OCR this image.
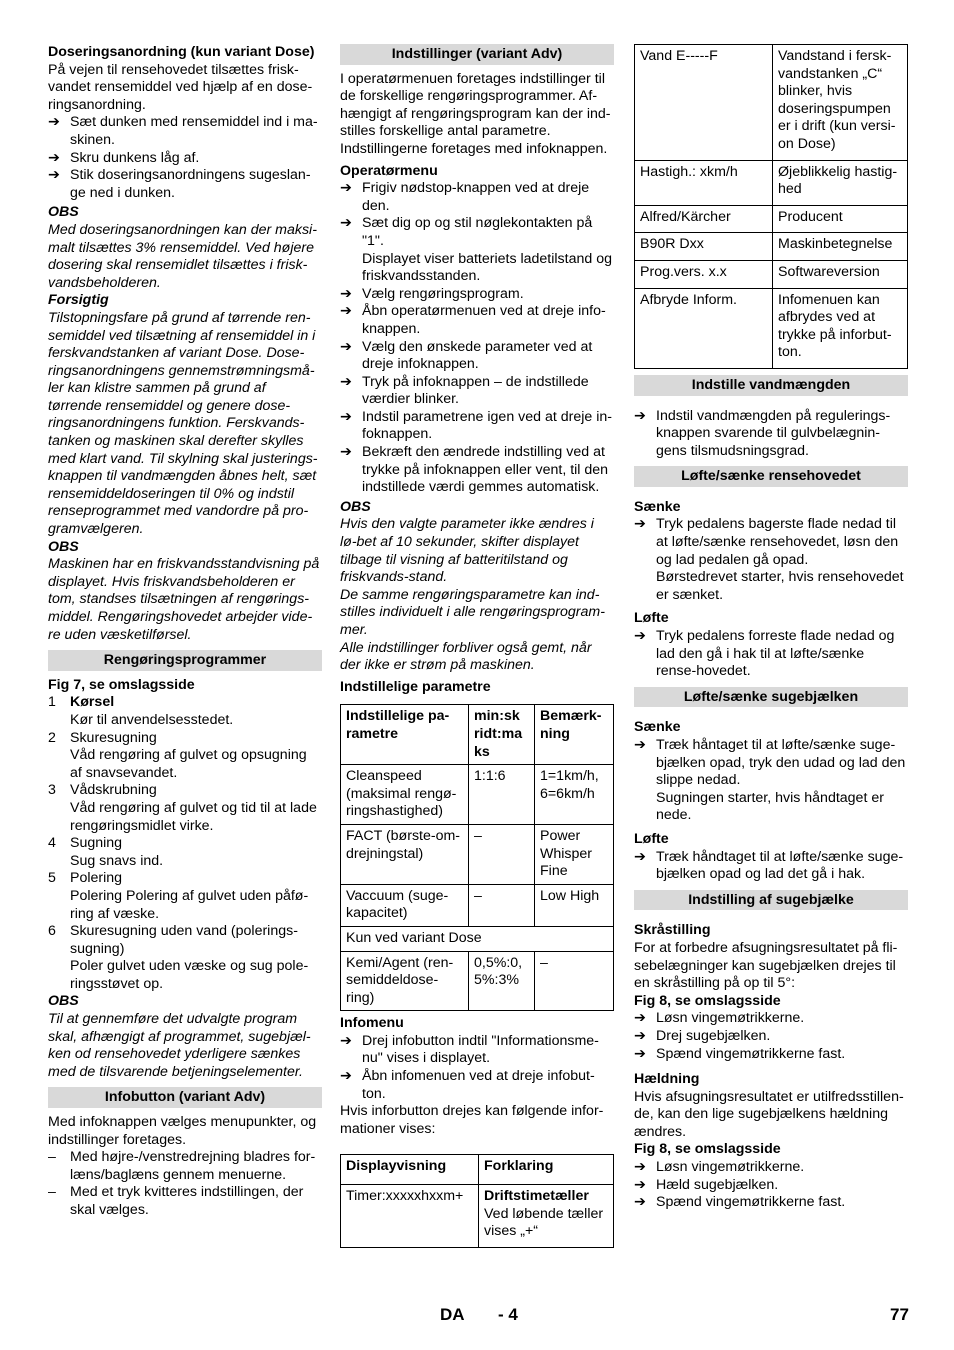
Doseringsanordning (kun variant Dose)

På vejen til rensehovedet tilsættes frisk-vandet rensemiddel ved hjælp af en dose-ringsanordning.

➔ Sæt dunken med rensemiddel ind i ma-skinen.
➔ Skru dunkens låg af.
➔ Stik doseringsanordningens sugeslan-ge ned i dunken.

OBS

Med doseringsanordningen kan der maksi-malt tilsættes 3% rensemiddel. Ved højere dosering skal rensemidlet tilsættes i frisk-vandsbeholderen.

Forsigtig

Tilstopningsfare på grund af tørrende ren-semiddel ved tilsætning af rensemiddel in i ferskvandstanken af variant Dose. Dose-ringsanordningens gennemstrømningsmå-ler kan klistre sammen på grund af tørrende rensemiddel og genere dose-ringsanordningens funktion. Ferskvands-tanken og maskinen skal derefter skylles med klart vand. Til skylning skal justerings-knappen til vandmængden åbnes helt, sæt rensemiddeldoseringen til 0% og indstil renseprogrammet med vandordre på pro-gramvælgeren.

OBS

Maskinen har en friskvandsstandvisning på displayet. Hvis friskvandsbeholderen er tom, standses tilsætningen af rengørings-middel. Rengøringshovedet arbejder vide-re uden væsketilførsel.

Rengøringsprogrammer

Fig 7, se omslagsside

1 Kørsel

Kør til anvendelsesstedet.

2 Skuresugning

Våd rengøring af gulvet og opsugning af snavsevandet.

3 Vådskrubning

Våd rengøring af gulvet og tid til at lade rengøringsmidlet virke.

4 Sugning

Sug snavs ind.

5 Polering

Polering Polering af gulvet uden påfø-ring af væske.

6 Skuresugning uden vand (polerings-sugning)

Poler gulvet uden væske og sug pole-ringsstøvet op.

OBS

Til at gennemføre det udvalgte program skal, afhængigt af programmet, sugebjæl-ken od rensehovedet yderligere sænkes med de tilsvarende betjeningselementer.

Infobutton (variant Adv)

Med infoknappen vælges menupunkter, og indstillinger foretages.

– Med højre-/venstredrejning bladres for-læns/baglæns gennem menuerne.
– Med et tryk kvitteres indstillingen, der skal vælges.
Indstillinger (variant Adv)

I operatørmenuen foretages indstillinger til de forskellige rengøringsprogrammer. Af-hængigt af rengøringsprogram kan der ind-stilles forskellige antal parametre. Indstillingerne foretages med infoknappen.

Operatørmenu

➔ Frigiv nødstop-knappen ved at dreje den.
➔ Sæt dig op og stil nøglekontakten på "1".

Displayet viser batteriets ladetilstand og friskvandsstanden.

➔ Vælg rengøringsprogram.
➔ Åbn operatørmenuen ved at dreje info-knappen.
➔ Vælg den ønskede parameter ved at dreje infoknappen.
➔ Tryk på infoknappen – de indstillede værdier blinker.
➔ Indstil parametrene igen ved at dreje in-foknappen.
➔ Bekræft den ændrede indstilling ved at trykke på infoknappen eller vent, til den indstillede værdi gemmes automatisk.

OBS

Hvis den valgte parameter ikke ændres i lø-bet af 10 sekunder, skifter displayet tilbage til visning af batteritilstand og friskvands-stand.

De samme rengøringsparametre kan ind-stilles individuelt i alle rengøringsprogram-mer.

Alle indstillinger forbliver også gemt, når der ikke er strøm på maskinen.

Indstillelige parametre

Indstillelige pa-rametre	min:sk ridt:ma ks	Bemærk-ning
Cleanspeed (maksimal rengø-ringshastighed)	1:1:6	1=1km/h, 6=6km/h
FACT (børste-om-drejningstal)	–	Power Whisper Fine
Vaccuum (suge-kapacitet)	–	Low High
Kun ved variant Dose		
Kemi/Agent (ren-semiddeldose-ring)	0,5%:0, 5%:3%	–

Infomenu

➔ Drej infobutton indtil "Informationsme-nu" vises i displayet.
➔ Åbn infomenuen ved at dreje infobut-ton.

Hvis inforbutton drejes kan følgende infor-mationer vises:

Displayvisning	Forklaring
Timer:xxxxxhxxm+	Driftstimetæller

Ved løbende tæller vises „+“

Vand E-----F	Vandstand i fersk-vandstanken „C“ blinker, hvis doseringspumpen er i drift (kun versi-on Dose)
Hastigh.: xkm/h	Øjeblikkelig hastig-hed
Alfred/Kärcher	Producent
B90R Dxx	Maskinbetegnelse
Prog.vers. x.x	Softwareversion
Afbryde Inform.	Infomenuen kan afbrydes ved at trykke på inforbut-ton.
Indstille vandmængden
➔ Indstil vandmængden på regulerings-knappen svarende til gulvbelægnin-gens tilsmudsningsgrad.
Løfte/sænke rensehovedet

Sænke

➔ Tryk pedalens bagerste flade nedad til at løfte/sænke rensehovedet, løsn den og lad pedalen gå opad.

Børstedrevet starter, hvis rensehovedet er sænket.

Løfte

➔ Tryk pedalens forreste flade nedad og lad den gå i hak til at løfte/sænke rense-hovedet.
Løfte/sænke sugebjælken

Sænke

➔ Træk håntaget til at løfte/sænke suge-bjælken opad, tryk den udad og lad den slippe nedad.

Sugningen starter, hvis håndtaget er nede.

Løfte

➔ Træk håndtaget til at løfte/sænke suge-bjælken opad og lad det gå i hak.
Indstilling af sugebjælke

Skråstilling

For at forbedre afsugningsresultatet på fli-sebelægninger kan sugebjælken drejes til en skråstilling på op til 5°:

Fig 8, se omslagsside

➔ Løsn vingemøtrikkerne.
➔ Drej sugebjælken.
➔ Spænd vingemøtrikkerne fast.

Hældning

Hvis afsugningsresultatet er utilfredsstillen-de, kan den lige sugebjælkens hældning ændres.

Fig 8, se omslagsside

➔ Løsn vingemøtrikkerne.
➔ Hæld sugebjælken.
➔ Spænd vingemøtrikkerne fast.
DA - 4	77
